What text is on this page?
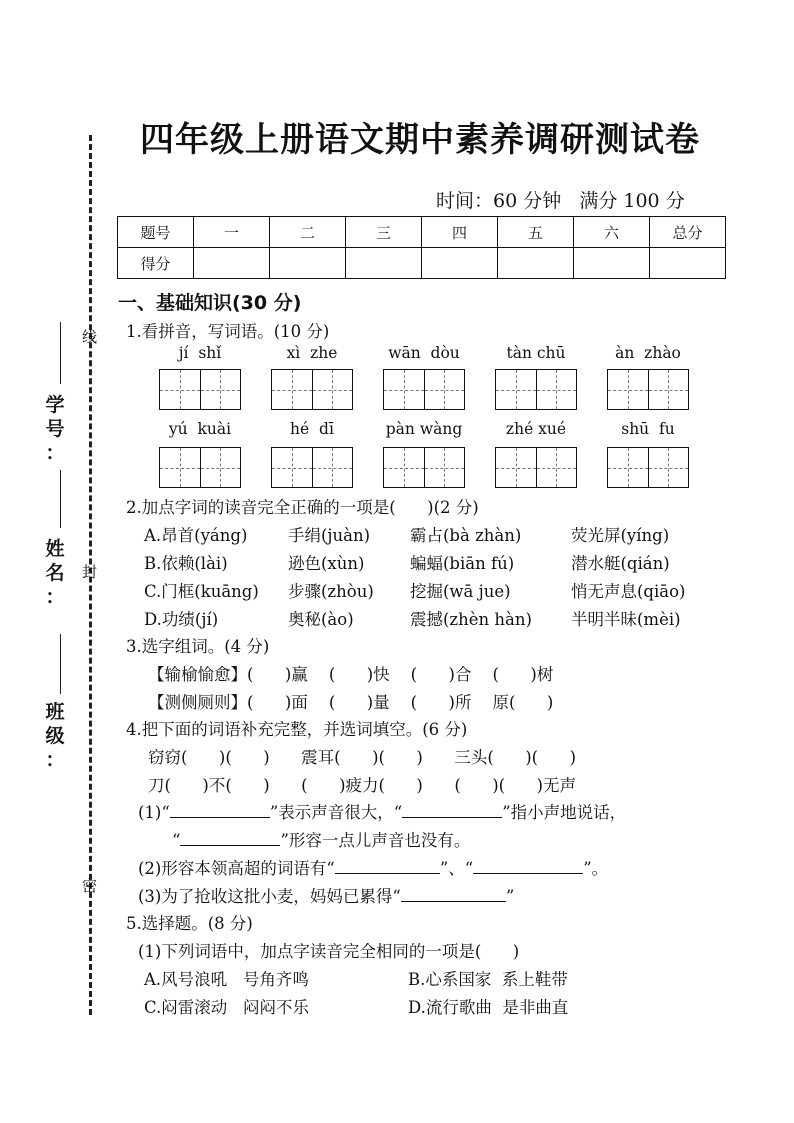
学
号
：
线
姓
名
：
封
班
级
：
密
四年级上册语文期中素养调研测试卷
时间：60 分钟 满分 100 分
题号	一	二	三	四	五	六	总分
得分							
一、基础知识(30 分)
1.看拼音，写词语。(10 分)
jí  shǐ	xì  zhe	wān  dòu	tàn chū	àn  zhào
yú  kuài	hé  dī	pàn wàng	zhé xué	shū  fu
2.加点字词的读音完全正确的一项是(      )(2 分)
A.昂首(yáng) 手绢(juàn) 霸占(bà zhàn)	荧光屏(yíng)
B.依赖(lài)	逊色(xùn)	蝙蝠(biān fú)	潜水艇(qián)
C.门框(kuāng) 步骤(zhòu) 挖掘(wā jue)	悄无声息(qiāo)
D.功绩(jí)	奥秘(ào)	震撼(zhèn hàn) 半明半昧(mèi)
3.选字组词。(4 分)
【输榆愉愈】(      )赢    (      )快    (      )合    (      )树
【测侧厕则】(      )面    (      )量    (      )所    原(      )
4.把下面的词语补充完整，并选词填空。(6 分)
窃窃(      )(      )      震耳(      )(      )      三头(      )(      )
刀(      )不(      )      (      )疲力(      )      (      )(      )无声
(1)“	”表示声音很大，“	”指小声地说话，
“	”形容一点儿声音也没有。
(2)形容本领高超的词语有“	”、“	”。
(3)为了抢收这批小麦，妈妈已累得“	”
5.选择题。(8 分)
(1)下列词语中，加点字读音完全相同的一项是(      )
A.风号浪吼   号角齐鸣	B.心系国家  系上鞋带
C.闷雷滚动   闷闷不乐	D.流行歌曲  是非曲直
